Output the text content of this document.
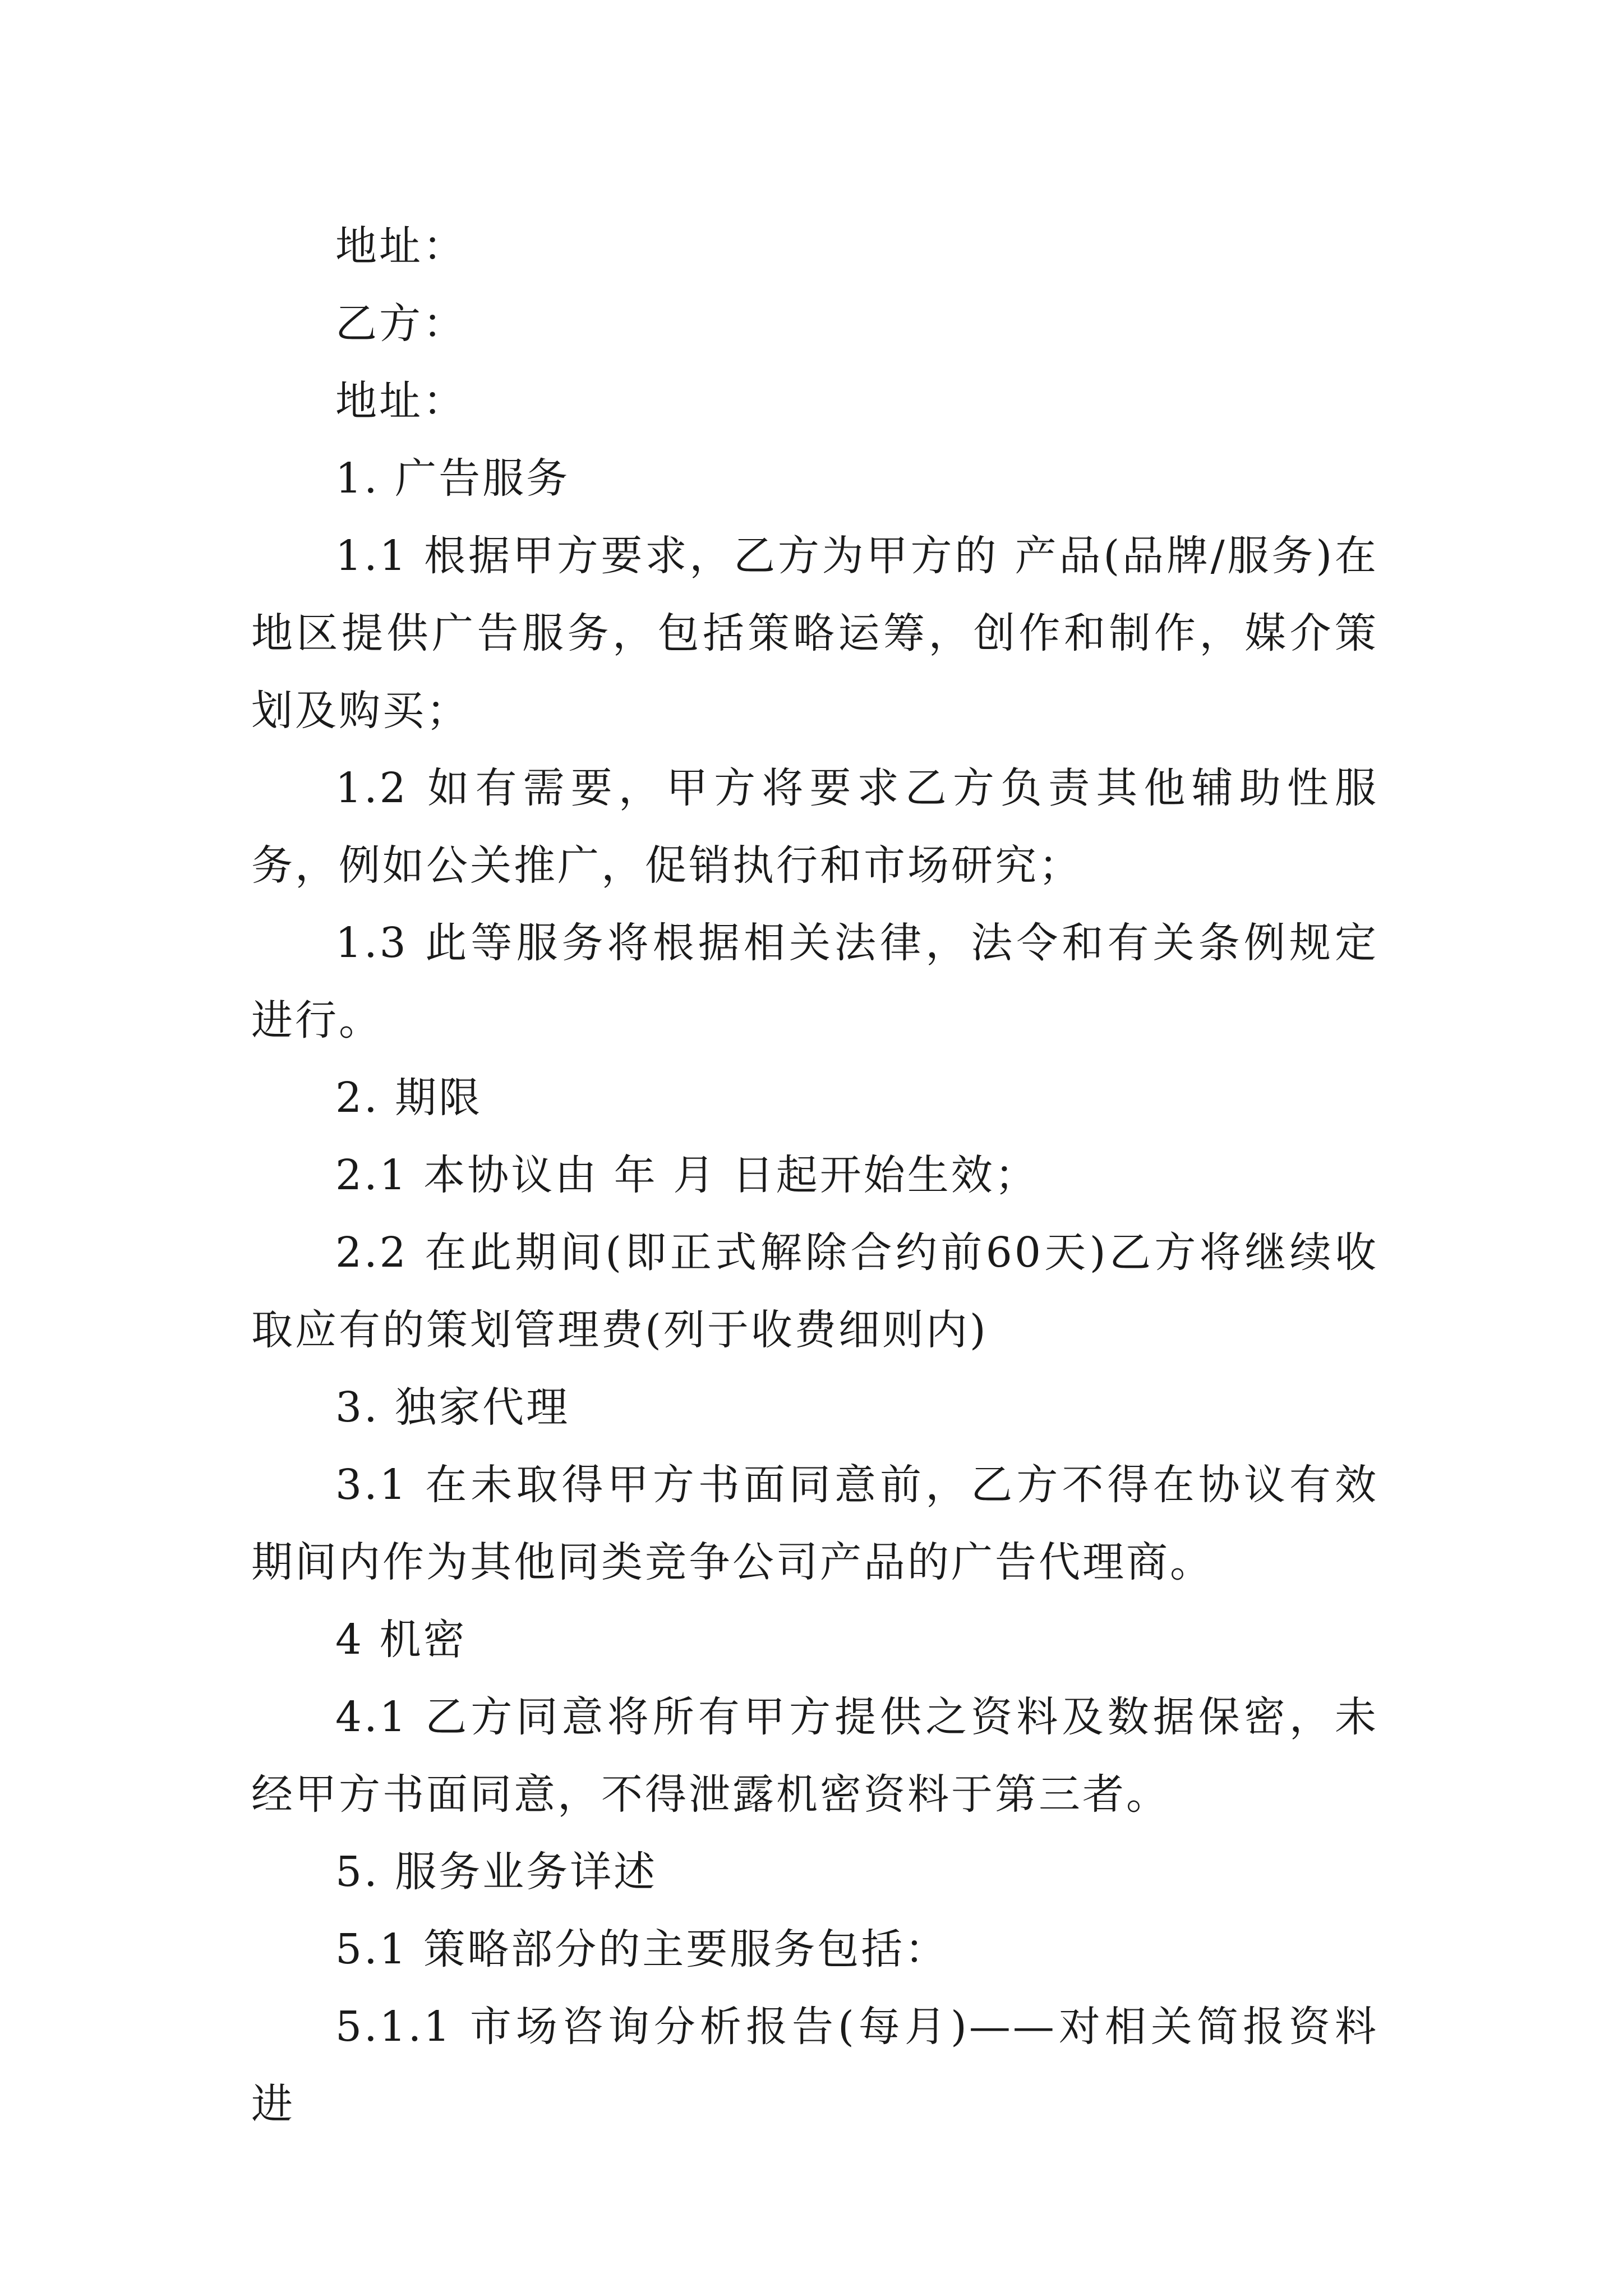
地址：

乙方：

地址：

1. 广告服务

1.1 根据甲方要求，乙方为甲方的 产品(品牌/服务)在地区提供广告服务，包括策略运筹，创作和制作，媒介策划及购买；

1.2 如有需要，甲方将要求乙方负责其他辅助性服务，例如公关推广，促销执行和市场研究；

1.3 此等服务将根据相关法律，法令和有关条例规定进行。

2. 期限

2.1 本协议由 年 月 日起开始生效；

2.2 在此期间(即正式解除合约前60天)乙方将继续收取应有的策划管理费(列于收费细则内)

3. 独家代理

3.1 在未取得甲方书面同意前，乙方不得在协议有效期间内作为其他同类竞争公司产品的广告代理商。

4 机密

4.1 乙方同意将所有甲方提供之资料及数据保密，未经甲方书面同意，不得泄露机密资料于第三者。

5. 服务业务详述

5.1 策略部分的主要服务包括：

5.1.1 市场咨询分析报告(每月)——对相关简报资料进
